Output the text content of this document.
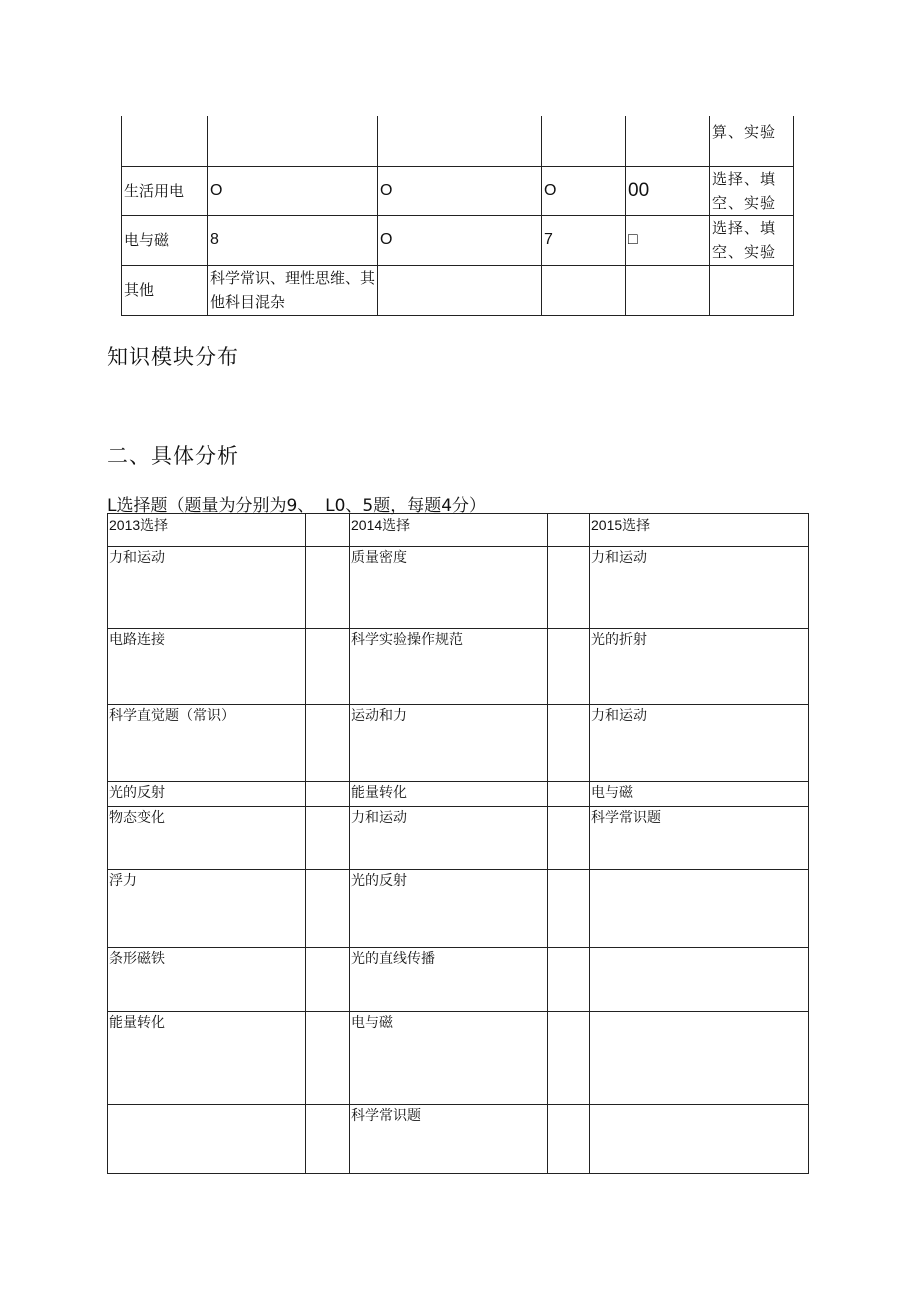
					算、实验
生活用电	O	O	O	00	选择、填空、实验
电与磁	8	O	7	□	选择、填空、实验
其他	科学常识、理性思维、其他科目混杂				
知识模块分布
二、具体分析

L选择题（题量为分别为9、  L0、5题，每题4分）

2013选择		2014选择		2015选择
力和运动		质量密度		力和运动
电路连接		科学实验操作规范		光的折射
科学直觉题（常识）		运动和力		力和运动
光的反射		能量转化		电与磁
物态变化		力和运动		科学常识题
浮力		光的反射		
条形磁铁		光的直线传播		
能量转化		电与磁		
		科学常识题		
